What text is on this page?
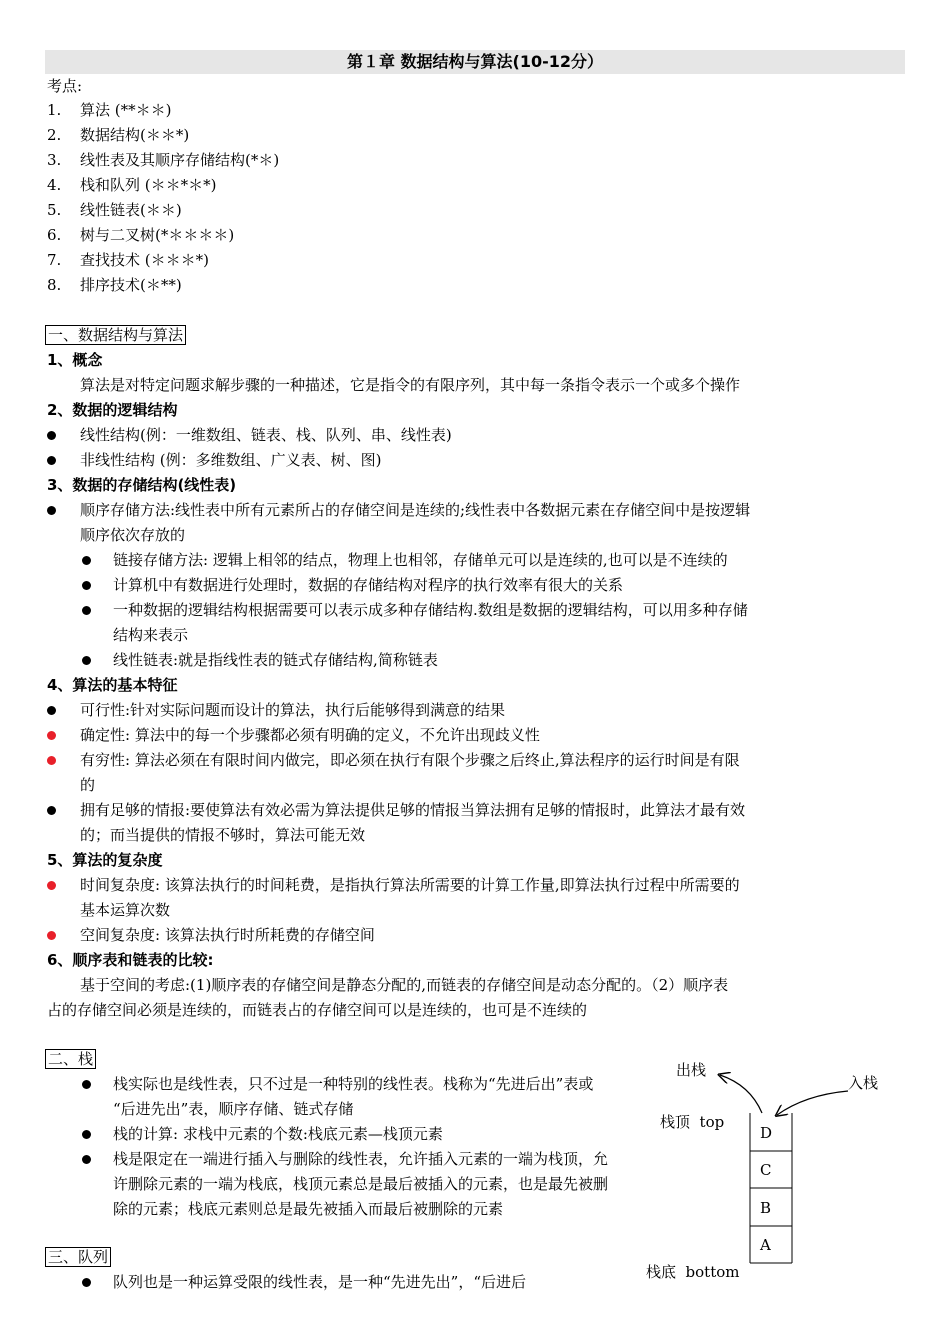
第１章 数据结构与算法(10-12分）
考点:
1. 算法 (**＊＊)
2. 数据结构(＊＊*)
3. 线性表及其顺序存储结构(*＊)
4. 栈和队列 (＊＊*＊*)
5. 线性链表(＊＊)
6. 树与二叉树(*＊＊＊＊)
7. 查找技术 (＊＊＊*)
8. 排序技术(＊**)
一、数据结构与算法
1、概念
算法是对特定问题求解步骤的一种描述，它是指令的有限序列，其中每一条指令表示一个或多个操作
2、数据的逻辑结构
线性结构(例：一维数组、链表、栈、队列、串、线性表)
非线性结构 (例：多维数组、广义表、树、图)
3、数据的存储结构(线性表)
顺序存储方法:线性表中所有元素所占的存储空间是连续的;线性表中各数据元素在存储空间中是按逻辑
顺序依次存放的
链接存储方法: 逻辑上相邻的结点，物理上也相邻，存储单元可以是连续的,也可以是不连续的
计算机中有数据进行处理时，数据的存储结构对程序的执行效率有很大的关系
一种数据的逻辑结构根据需要可以表示成多种存储结构.数组是数据的逻辑结构，可以用多种存储
结构来表示
线性链表:就是指线性表的链式存储结构,简称链表
4、算法的基本特征
可行性:针对实际问题而设计的算法，执行后能够得到满意的结果
确定性: 算法中的每一个步骤都必须有明确的定义，不允许出现歧义性
有穷性: 算法必须在有限时间内做完，即必须在执行有限个步骤之后终止,算法程序的运行时间是有限
的
拥有足够的情报:要使算法有效必需为算法提供足够的情报当算法拥有足够的情报时，此算法才最有效
的；而当提供的情报不够时，算法可能无效
5、算法的复杂度
时间复杂度: 该算法执行的时间耗费，是指执行算法所需要的计算工作量,即算法执行过程中所需要的
基本运算次数
空间复杂度: 该算法执行时所耗费的存储空间
6、顺序表和链表的比较:
基于空间的考虑:(1)顺序表的存储空间是静态分配的,而链表的存储空间是动态分配的。（2）顺序表
占的存储空间必须是连续的，而链表占的存储空间可以是连续的，也可是不连续的
二、栈
栈实际也是线性表，只不过是一种特别的线性表。栈称为“先进后出”表或
“后进先出”表，顺序存储、链式存储
栈的计算: 求栈中元素的个数:栈底元素—栈顶元素
栈是限定在一端进行插入与删除的线性表，允许插入元素的一端为栈顶，允
许删除元素的一端为栈底，栈顶元素总是最后被插入的元素，也是最先被删
除的元素；栈底元素则总是最先被插入而最后被删除的元素
出栈
入栈
栈顶  top
D
C
B
A
栈底  bottom
三、队列
队列也是一种运算受限的线性表，是一种“先进先出”，“后进后
